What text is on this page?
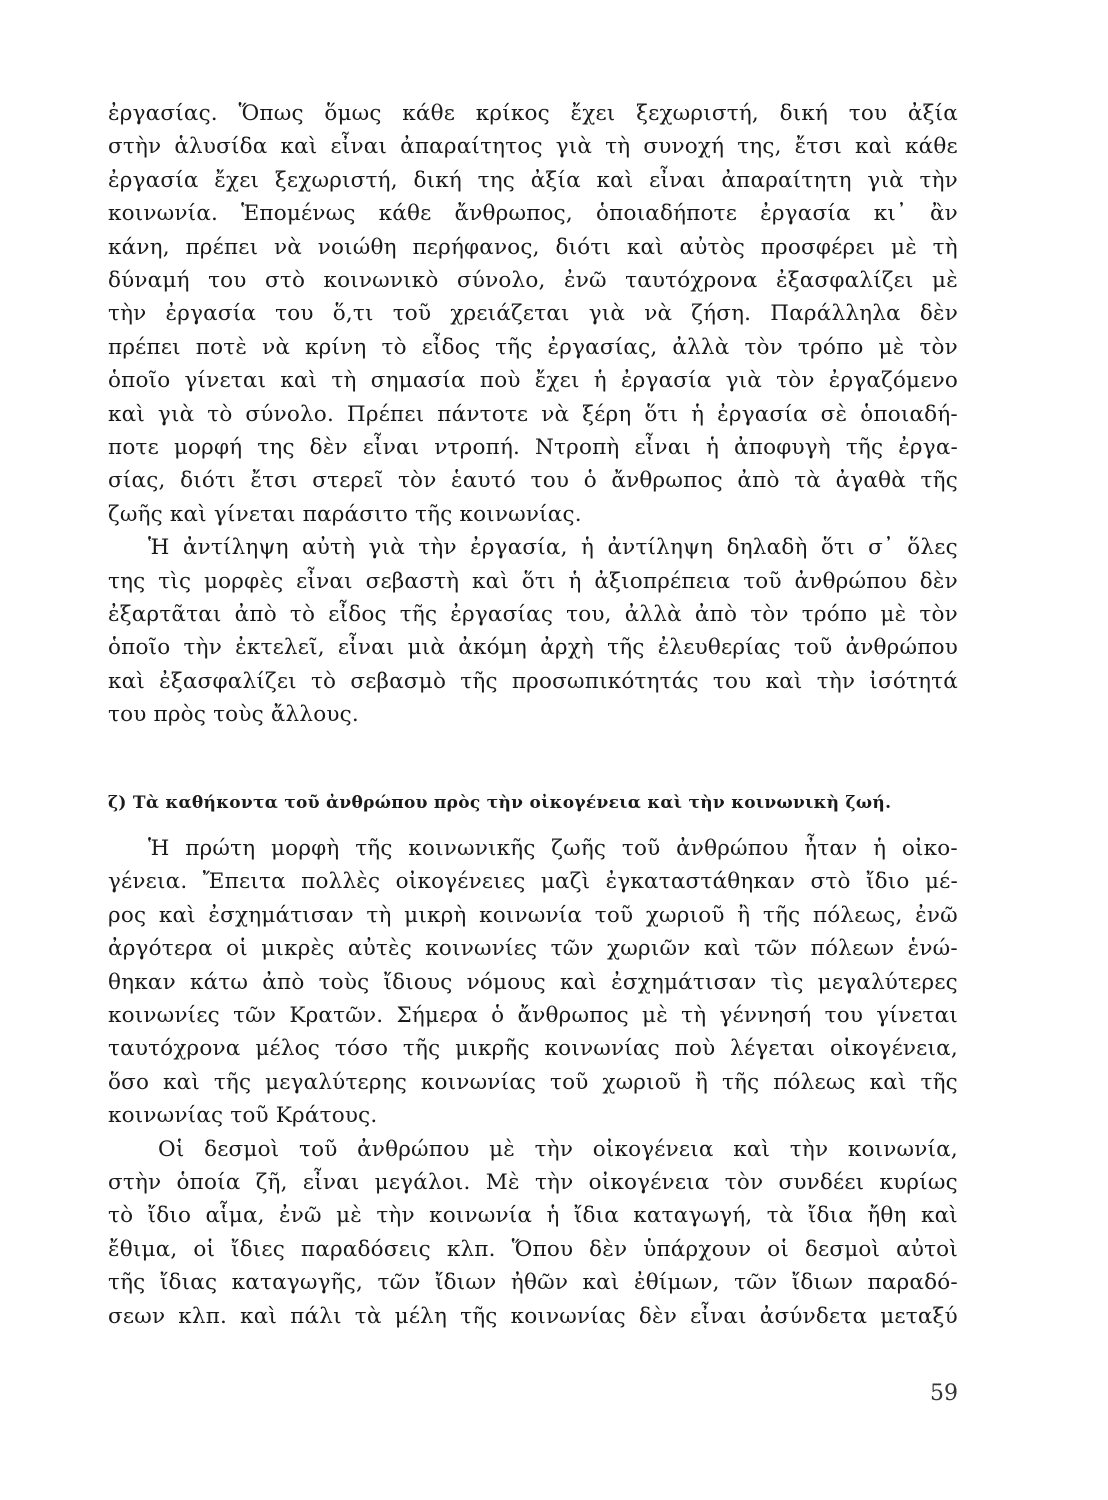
ἐργασίας. Ὅπως ὅμως κάθε κρίκος ἔχει ξεχωριστή, δική του ἀξία
στὴν ἁλυσίδα καὶ εἶναι ἀπαραίτητος γιὰ τὴ συνοχή της, ἔτσι καὶ κάθε
ἐργασία ἔχει ξεχωριστή, δική της ἀξία καὶ εἶναι ἀπαραίτητη γιὰ τὴν
κοινωνία. Ἑπομένως κάθε ἄνθρωπος, ὁποιαδήποτε ἐργασία κι᾽ ἂν
κάνη, πρέπει νὰ νοιώθη περήφανος, διότι καὶ αὐτὸς προσφέρει μὲ τὴ
δύναμή του στὸ κοινωνικὸ σύνολο, ἐνῶ ταυτόχρονα ἐξασφαλίζει μὲ
τὴν ἐργασία του ὅ,τι τοῦ χρειάζεται γιὰ νὰ ζήση. Παράλληλα δὲν
πρέπει ποτὲ νὰ κρίνη τὸ εἶδος τῆς ἐργασίας, ἀλλὰ τὸν τρόπο μὲ τὸν
ὁποῖο γίνεται καὶ τὴ σημασία ποὺ ἔχει ἡ ἐργασία γιὰ τὸν ἐργαζόμενο
καὶ γιὰ τὸ σύνολο. Πρέπει πάντοτε νὰ ξέρη ὅτι ἡ ἐργασία σὲ ὁποιαδή-
ποτε μορφή της δὲν εἶναι ντροπή. Ντροπὴ εἶναι ἡ ἀποφυγὴ τῆς ἐργα-
σίας, διότι ἔτσι στερεῖ τὸν ἑαυτό του ὁ ἄνθρωπος ἀπὸ τὰ ἀγαθὰ τῆς
ζωῆς καὶ γίνεται παράσιτο τῆς κοινωνίας.
Ἡ ἀντίληψη αὐτὴ γιὰ τὴν ἐργασία, ἡ ἀντίληψη δηλαδὴ ὅτι σ᾽ ὅλες
της τὶς μορφὲς εἶναι σεβαστὴ καὶ ὅτι ἡ ἀξιοπρέπεια τοῦ ἀνθρώπου δὲν
ἐξαρτᾶται ἀπὸ τὸ εἶδος τῆς ἐργασίας του, ἀλλὰ ἀπὸ τὸν τρόπο μὲ τὸν
ὁποῖο τὴν ἐκτελεῖ, εἶναι μιὰ ἀκόμη ἀρχὴ τῆς ἐλευθερίας τοῦ ἀνθρώπου
καὶ ἐξασφαλίζει τὸ σεβασμὸ τῆς προσωπικότητάς του καὶ τὴν ἰσότητά
του πρὸς τοὺς ἄλλους.
ζ) Τὰ καθήκοντα τοῦ ἀνθρώπου πρὸς τὴν οἰκογένεια καὶ τὴν κοινωνικὴ ζωή.
Ἡ πρώτη μορφὴ τῆς κοινωνικῆς ζωῆς τοῦ ἀνθρώπου ἦταν ἡ οἰκο-
γένεια. Ἔπειτα πολλὲς οἰκογένειες μαζὶ ἐγκαταστάθηκαν στὸ ἴδιο μέ-
ρος καὶ ἐσχημάτισαν τὴ μικρὴ κοινωνία τοῦ χωριοῦ ἢ τῆς πόλεως, ἐνῶ
ἀργότερα οἱ μικρὲς αὐτὲς κοινωνίες τῶν χωριῶν καὶ τῶν πόλεων ἑνώ-
θηκαν κάτω ἀπὸ τοὺς ἴδιους νόμους καὶ ἐσχημάτισαν τὶς μεγαλύτερες
κοινωνίες τῶν Κρατῶν. Σήμερα ὁ ἄνθρωπος μὲ τὴ γέννησή του γίνεται
ταυτόχρονα μέλος τόσο τῆς μικρῆς κοινωνίας ποὺ λέγεται οἰκογένεια,
ὅσο καὶ τῆς μεγαλύτερης κοινωνίας τοῦ χωριοῦ ἢ τῆς πόλεως καὶ τῆς
κοινωνίας τοῦ Κράτους.
Οἱ δεσμοὶ τοῦ ἀνθρώπου μὲ τὴν οἰκογένεια καὶ τὴν κοινωνία,
στὴν ὁποία ζῆ, εἶναι μεγάλοι. Μὲ τὴν οἰκογένεια τὸν συνδέει κυρίως
τὸ ἴδιο αἷμα, ἐνῶ μὲ τὴν κοινωνία ἡ ἴδια καταγωγή, τὰ ἴδια ἤθη καὶ
ἔθιμα, οἱ ἴδιες παραδόσεις κλπ. Ὅπου δὲν ὑπάρχουν οἱ δεσμοὶ αὐτοὶ
τῆς ἴδιας καταγωγῆς, τῶν ἴδιων ἠθῶν καὶ ἐθίμων, τῶν ἴδιων παραδό-
σεων κλπ. καὶ πάλι τὰ μέλη τῆς κοινωνίας δὲν εἶναι ἀσύνδετα μεταξύ
59
